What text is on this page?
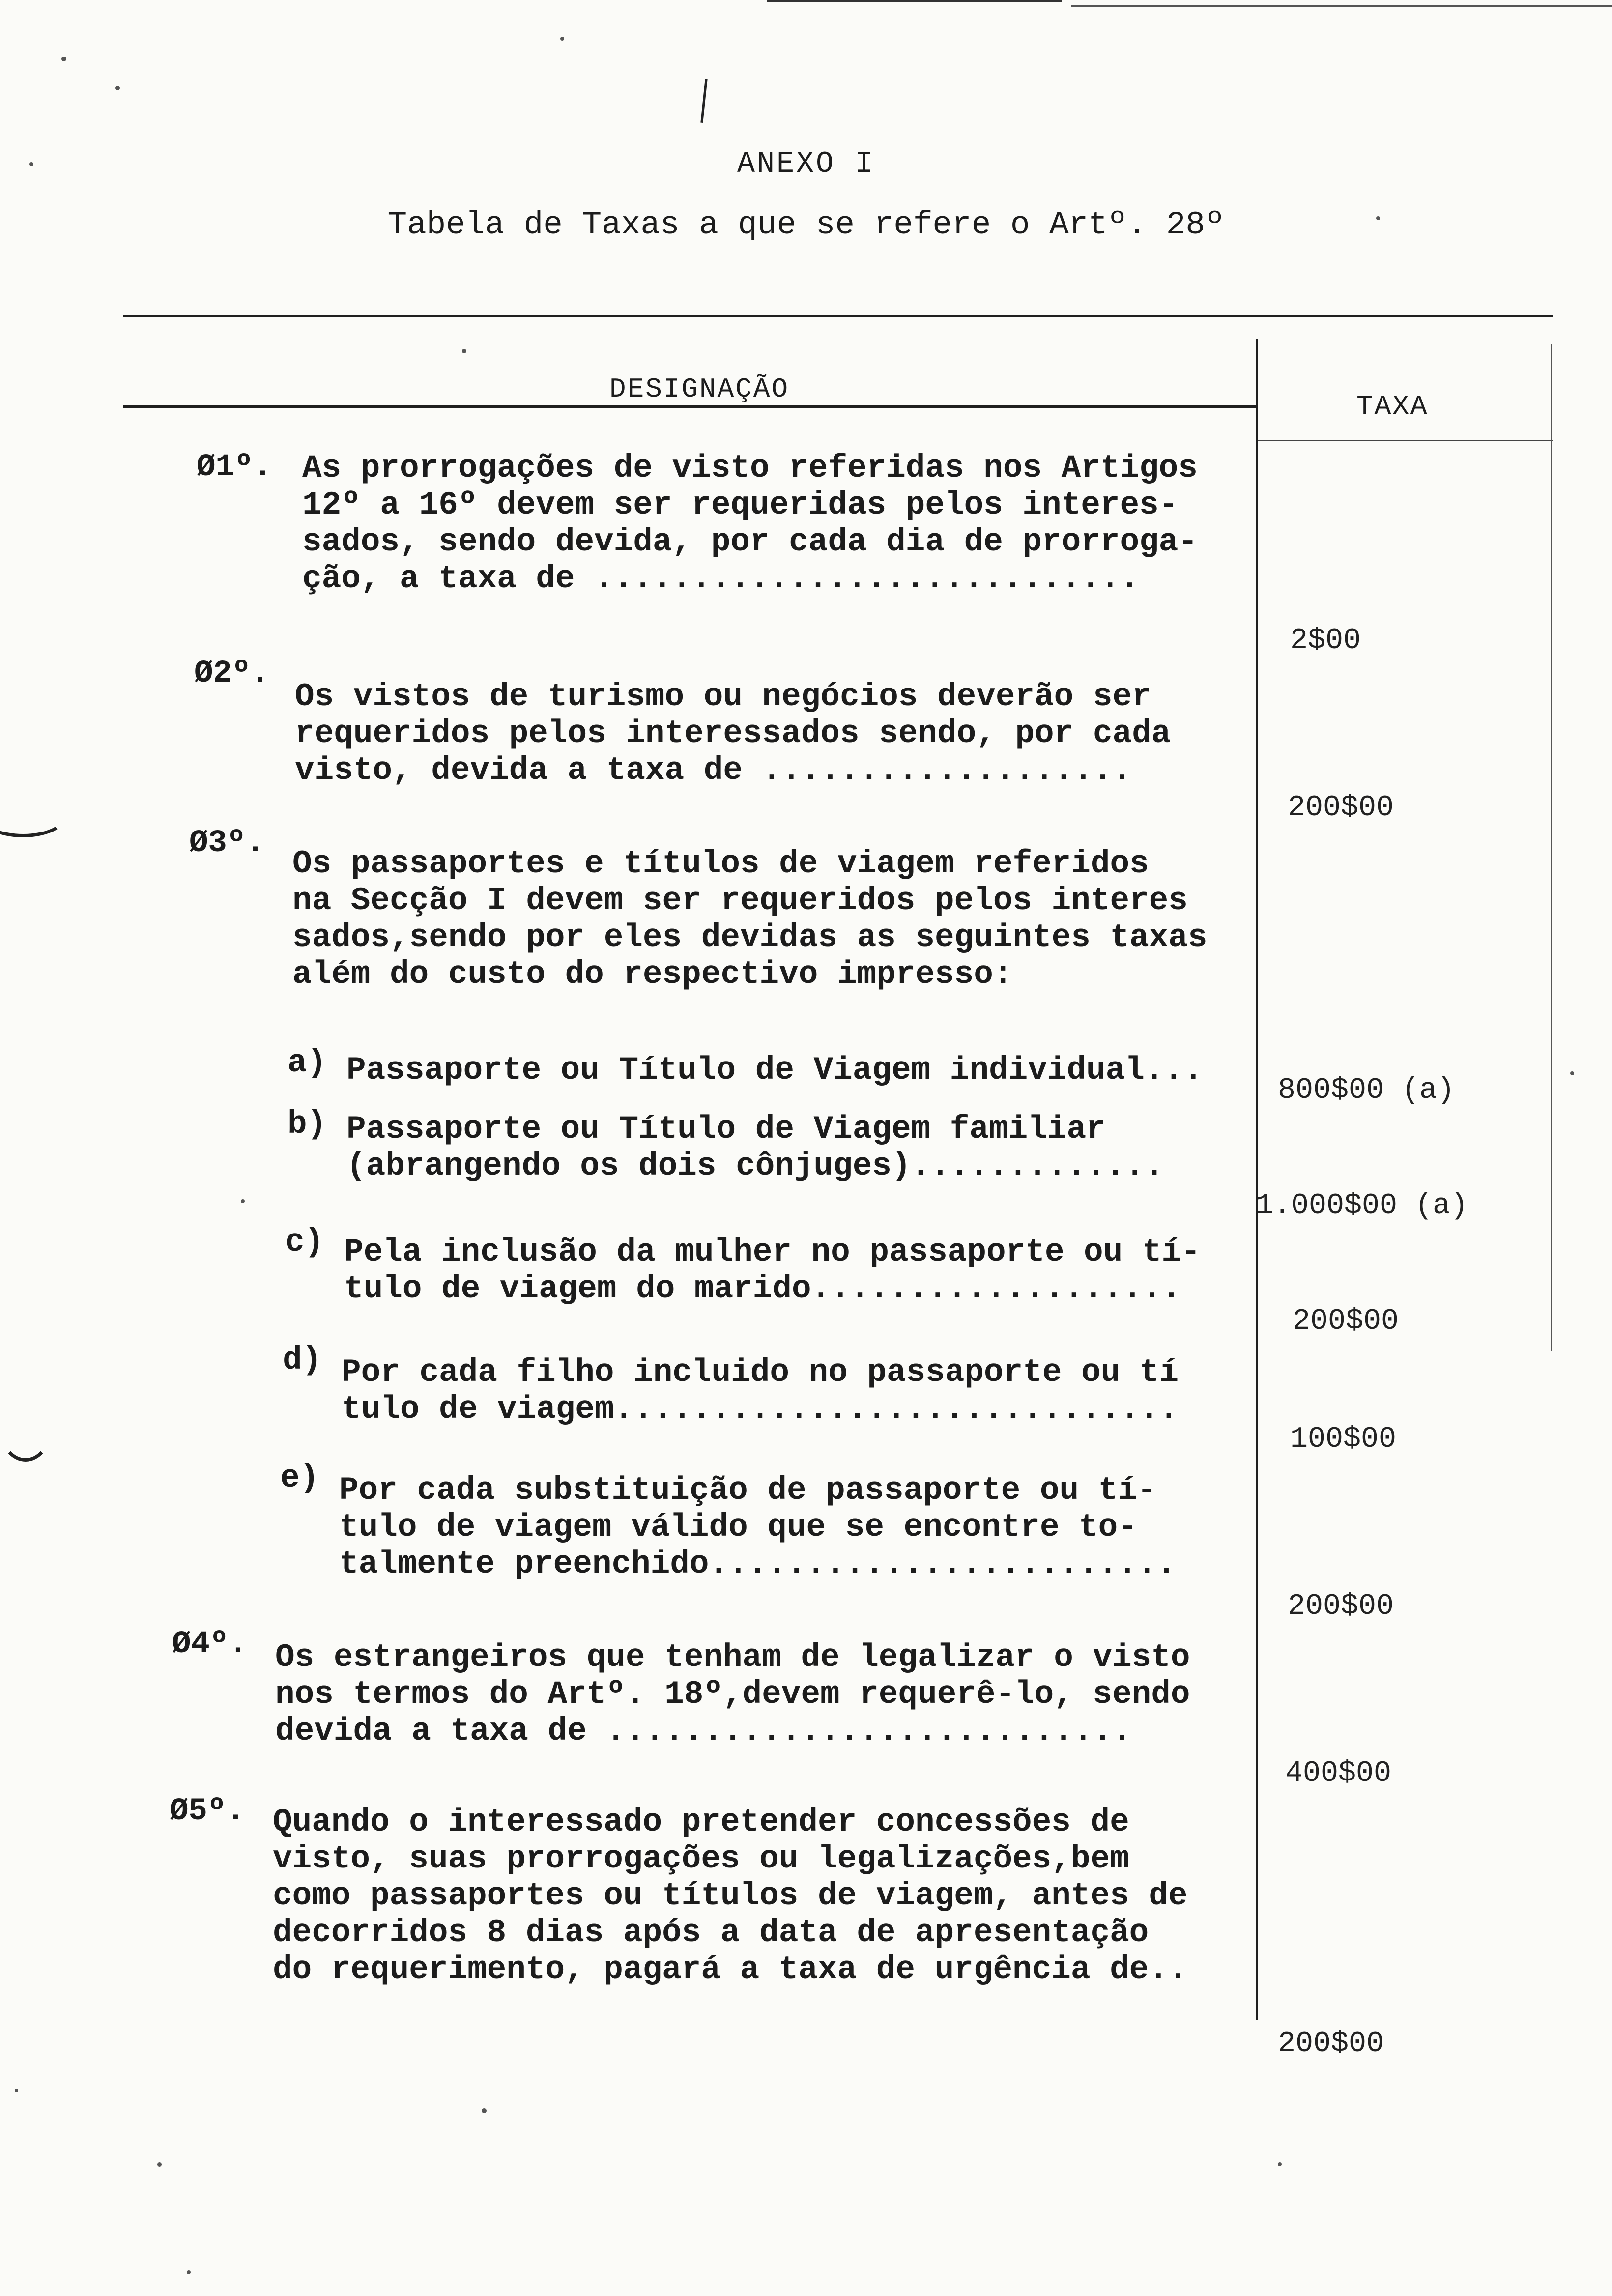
ANEXO I
Tabela de Taxas a que se refere o Artº. 28º
DESIGNAÇÃO
TAXA
Ø1º. As prorrogações de visto referidas nos Artigos
12º a 16º devem ser requeridas pelos interes-
sados, sendo devida, por cada dia de prorroga-
ção, a taxa de ............................
2$00
Ø2º.
Os vistos de turismo ou negócios deverão ser
requeridos pelos interessados sendo, por cada
visto, devida a taxa de ...................
200$00
Ø3º.
Os passaportes e títulos de viagem referidos
na Secção I devem ser requeridos pelos interes
sados,sendo por eles devidas as seguintes taxas
além do custo do respectivo impresso:
a) Passaporte ou Título de Viagem individual...
800$00 (a)
b) Passaporte ou Título de Viagem familiar
(abrangendo os dois cônjuges).............
1.000$00 (a)
c) Pela inclusão da mulher no passaporte ou tí-
tulo de viagem do marido...................
200$00
d) Por cada filho incluido no passaporte ou tí
tulo de viagem.............................
100$00
e) Por cada substituição de passaporte ou tí-
tulo de viagem válido que se encontre to-
talmente preenchido........................
200$00
Ø4º. Os estrangeiros que tenham de legalizar o visto
nos termos do Artº. 18º,devem requerê-lo, sendo
devida a taxa de ...........................
400$00
Ø5º. Quando o interessado pretender concessões de
visto, suas prorrogações ou legalizações,bem
como passaportes ou títulos de viagem, antes de
decorridos 8 dias após a data de apresentação
do requerimento, pagará a taxa de urgência de..
200$00
